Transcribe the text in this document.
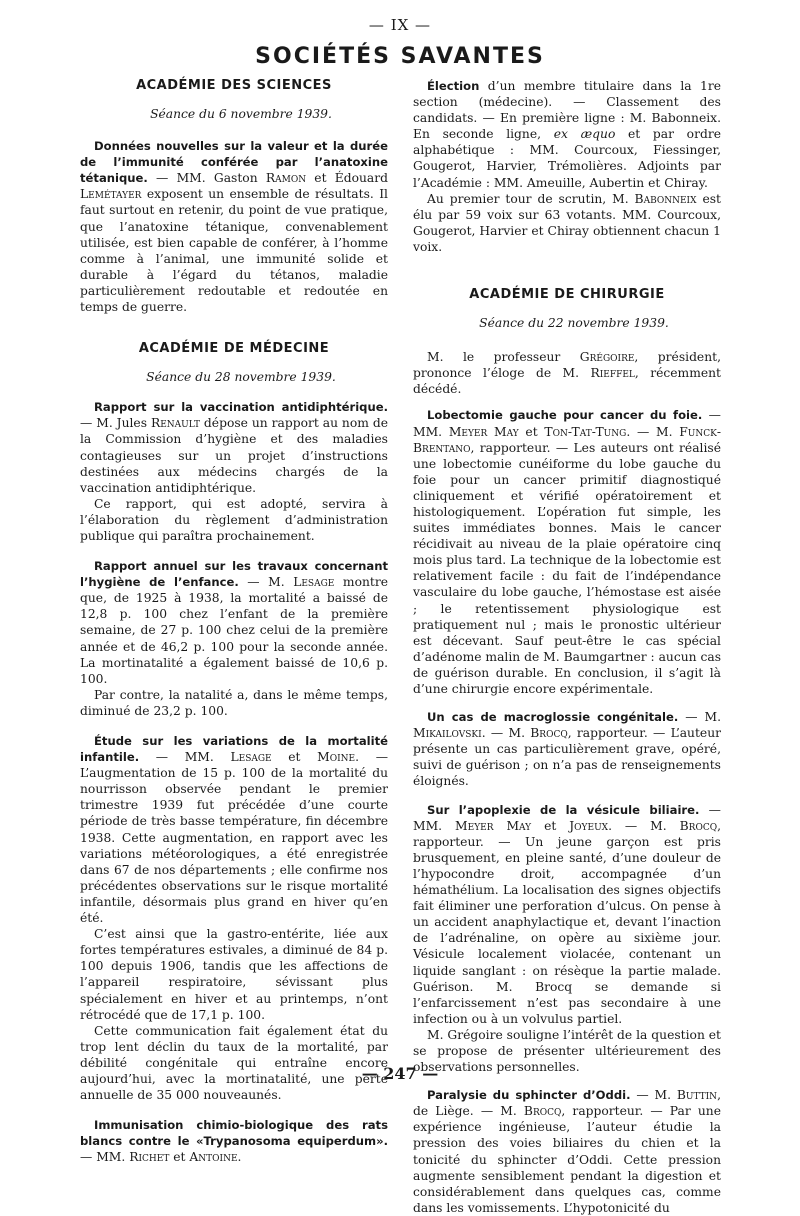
— IX —
SOCIÉTÉS SAVANTES
ACADÉMIE DES SCIENCES

Séance du 6 novembre 1939.

Données nouvelles sur la valeur et la durée de l’immunité conférée par l’anatoxine tétanique. — MM. Gaston Ramon et Édouard Lemétayer exposent un ensemble de résultats. Il faut surtout en retenir, du point de vue pratique, que l’anatoxine tétanique, convenablement utilisée, est bien capable de conférer, à l’homme comme à l’animal, une immunité solide et durable à l’égard du tétanos, maladie particulièrement redoutable et redoutée en temps de guerre.

ACADÉMIE DE MÉDECINE

Séance du 28 novembre 1939.

Rapport sur la vaccination antidiphtérique. — M. Jules Renault dépose un rapport au nom de la Commission d’hygiène et des maladies contagieuses sur un projet d’instructions destinées aux médecins chargés de la vaccination antidiphtérique.

Ce rapport, qui est adopté, servira à l’élaboration du règlement d’administration publique qui paraîtra prochainement.

Rapport annuel sur les travaux concernant l’hygiène de l’enfance. — M. Lesage montre que, de 1925 à 1938, la mortalité a baissé de 12,8 p. 100 chez l’enfant de la première semaine, de 27 p. 100 chez celui de la première année et de 46,2 p. 100 pour la seconde année. La mortinatalité a également baissé de 10,6 p. 100.

Par contre, la natalité a, dans le même temps, diminué de 23,2 p. 100.

Étude sur les variations de la mortalité infantile. — MM. Lesage et Moine. — L’augmentation de 15 p. 100 de la mortalité du nourrisson observée pendant le premier trimestre 1939 fut précédée d’une courte période de très basse température, fin décembre 1938. Cette augmentation, en rapport avec les variations météorologiques, a été enregistrée dans 67 de nos départements ; elle confirme nos précédentes observations sur le risque mortalité infantile, désormais plus grand en hiver qu’en été.

C’est ainsi que la gastro-entérite, liée aux fortes températures estivales, a diminué de 84 p. 100 depuis 1906, tandis que les affections de l’appareil respiratoire, sévissant plus spécialement en hiver et au printemps, n’ont rétrocédé que de 17,1 p. 100.

Cette communication fait également état du trop lent déclin du taux de la mortalité, par débilité congénitale qui entraîne encore aujourd’hui, avec la mortinatalité, une perte annuelle de 35 000 nouveaunés.

Immunisation chimio-biologique des rats blancs contre le «Trypanosoma equiperdum». — MM. Richet et Antoine.

Élection d’un membre titulaire dans la 1re section (médecine). — Classement des candidats. — En première ligne : M. Babonneix. En seconde ligne, ex æquo et par ordre alphabétique : MM. Courcoux, Fiessinger, Gougerot, Harvier, Trémolières. Adjoints par l’Académie : MM. Ameuille, Aubertin et Chiray.

Au premier tour de scrutin, M. Babonneix est élu par 59 voix sur 63 votants. MM. Courcoux, Gougerot, Harvier et Chiray obtiennent chacun 1 voix.

ACADÉMIE DE CHIRURGIE

Séance du 22 novembre 1939.

M. le professeur Grégoire, président, prononce l’éloge de M. Rieffel, récemment décédé.

Lobectomie gauche pour cancer du foie. — MM. Meyer May et Ton-Tat-Tung. — M. Funck-Brentano, rapporteur. — Les auteurs ont réalisé une lobectomie cunéiforme du lobe gauche du foie pour un cancer primitif diagnostiqué cliniquement et vérifié opératoirement et histologiquement. L’opération fut simple, les suites immédiates bonnes. Mais le cancer récidivait au niveau de la plaie opératoire cinq mois plus tard. La technique de la lobectomie est relativement facile : du fait de l’indépendance vasculaire du lobe gauche, l’hémostase est aisée ; le retentissement physiologique est pratiquement nul ; mais le pronostic ultérieur est décevant. Sauf peut-être le cas spécial d’adénome malin de M. Baumgartner : aucun cas de guérison durable. En conclusion, il s’agit là d’une chirurgie encore expérimentale.

Un cas de macroglossie congénitale. — M. Mikailovski. — M. Brocq, rapporteur. — L’auteur présente un cas particulièrement grave, opéré, suivi de guérison ; on n’a pas de renseignements éloignés.

Sur l’apoplexie de la vésicule biliaire. — MM. Meyer May et Joyeux. — M. Brocq, rapporteur. — Un jeune garçon est pris brusquement, en pleine santé, d’une douleur de l’hypocondre droit, accompagnée d’un hémathélium. La localisation des signes objectifs fait éliminer une perforation d’ulcus. On pense à un accident anaphylactique et, devant l’inaction de l’adrénaline, on opère au sixième jour. Vésicule localement violacée, contenant un liquide sanglant : on résèque la partie malade. Guérison. M. Brocq se demande si l’enfarcissement n’est pas secondaire à une infection ou à un volvulus partiel.

M. Grégoire souligne l’intérêt de la question et se propose de présenter ultérieurement des observations personnelles.

Paralysie du sphincter d’Oddi. — M. Buttin, de Liège. — M. Brocq, rapporteur. — Par une expérience ingénieuse, l’auteur étudie la pression des voies biliaires du chien et la tonicité du sphincter d’Oddi. Cette pression augmente sensiblement pendant la digestion et considérablement dans quelques cas, comme dans les vomissements. L’hypotonicité du

— 247 —
